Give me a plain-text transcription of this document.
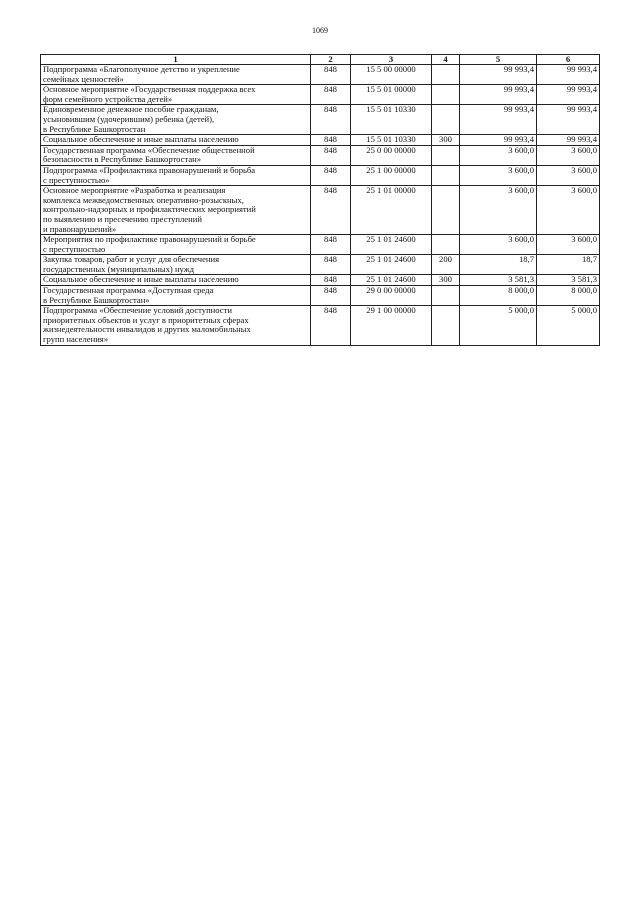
1069
1	2	3	4	5	6

Подпрограмма «Благополучное детство и укрепление
семейных ценностей»	848	15 5 00 00000		99 993,4	99 993,4

Основное мероприятие «Государственная поддержка всех
форм семейного устройства детей»	848	15 5 01 00000		99 993,4	99 993,4

Единовременное денежное пособие гражданам,
усыновившим (удочерившим) ребенка (детей),
в Республике Башкортостан	848	15 5 01 10330		99 993,4	99 993,4

Социальное обеспечение и иные выплаты населению	848	15 5 01 10330	300	99 993,4	99 993,4

Государственная программа «Обеспечение общественной
безопасности в Республике Башкортостан»	848	25 0 00 00000		3 600,0	3 600,0

Подпрограмма «Профилактика правонарушений и борьба
с преступностью»	848	25 1 00 00000		3 600,0	3 600,0

Основное мероприятие «Разработка и реализация
комплекса межведомственных оперативно-розыскных,
контрольно-надзорных и профилактических мероприятий
по выявлению и пресечению преступлений
и правонарушений»	848	25 1 01 00000		3 600,0	3 600,0

Мероприятия по профилактике правонарушений и борьбе
с преступностью	848	25 1 01 24600		3 600,0	3 600,0

Закупка товаров, работ и услуг для обеспечения
государственных (муниципальных) нужд	848	25 1 01 24600	200	18,7	18,7

Социальное обеспечение и иные выплаты населению	848	25 1 01 24600	300	3 581,3	3 581,3

Государственная программа «Доступная среда
в Республике Башкортостан»	848	29 0 00 00000		8 000,0	8 000,0

Подпрограмма «Обеспечение условий доступности
приоритетных объектов и услуг в приоритетных сферах
жизнедеятельности инвалидов и других маломобильных
групп населения»	848	29 1 00 00000		5 000,0	5 000,0
